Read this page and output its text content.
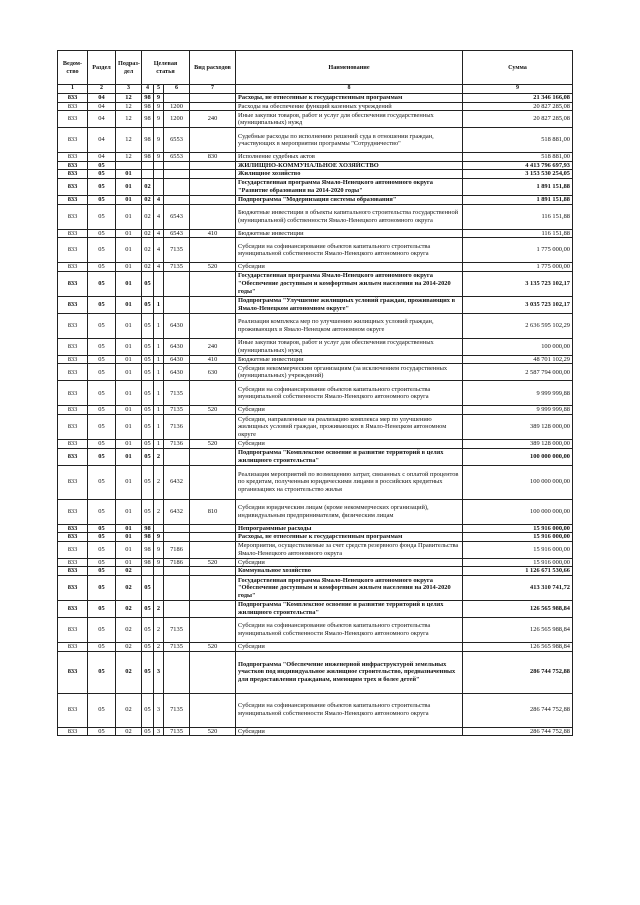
Ведом-ство	Раздел	Подраз-дел	Целевая статья			Вид расходов	Наименование	Сумма
1	2	3	4	5	6	7	8	9
833	04	12	98	9			Расходы, не отнесенные к государственным программам	21 346 166,08
833	04	12	98	9	1200		Расходы на обеспечение функций казенных учреждений	20 827 285,08
833	04	12	98	9	1200	240	Иные закупки товаров, работ и услуг для обеспечения государственных (муниципальных) нужд	20 827 285,08
833	04	12	98	9	6553		Судебные расходы по исполнению решений суда в отношении граждан, участвующих в мероприятии программы "Сотрудничество"	518 881,00
833	04	12	98	9	6553	830	Исполнение судебных актов	518 881,00
833	05						ЖИЛИЩНО-КОММУНАЛЬНОЕ ХОЗЯЙСТВО	4 413 796 697,93
833	05	01					Жилищное хозяйство	3 153 530 254,05
833	05	01	02				Государственная программа Ямало-Ненецкого автономного округа "Развитие образования на 2014-2020 годы"	1 891 151,88
833	05	01	02	4			Подпрограмма "Модернизация системы образования"	1 891 151,88
833	05	01	02	4	6543		Бюджетные инвестиции в объекты капитального строительства государственной (муниципальной) собственности Ямало-Ненецкого автономного округа	116 151,88
833	05	01	02	4	6543	410	Бюджетные инвестиции	116 151,88
833	05	01	02	4	7135		Субсидии на софинансирование объектов капитального строительства муниципальной собственности Ямало-Ненецкого автономного округа	1 775 000,00
833	05	01	02	4	7135	520	Субсидии	1 775 000,00
833	05	01	05				Государственная программа Ямало-Ненецкого автономного округа "Обеспечение доступным и комфортным жильем населения на 2014-2020 годы"	3 135 723 102,17
833	05	01	05	1			Подпрограмма "Улучшение жилищных условий граждан, проживающих в Ямало-Ненецком автономном округе"	3 035 723 102,17
833	05	01	05	1	6430		Реализация комплекса мер по улучшению жилищных условий граждан, проживающих в Ямало-Ненецком автономном округе	2 636 595 102,29
833	05	01	05	1	6430	240	Иные закупки товаров, работ и услуг для обеспечения государственных (муниципальных) нужд	100 000,00
833	05	01	05	1	6430	410	Бюджетные инвестиции	48 701 102,29
833	05	01	05	1	6430	630	Субсидии некоммерческим организациям (за исключением государственных (муниципальных) учреждений)	2 587 794 000,00
833	05	01	05	1	7135		Субсидии на софинансирование объектов капитального строительства муниципальной собственности Ямало-Ненецкого автономного округа	9 999 999,88
833	05	01	05	1	7135	520	Субсидии	9 999 999,88
833	05	01	05	1	7136		Субсидии, направленные на реализацию комплекса мер по улучшению жилищных условий граждан, проживающих в Ямало-Ненецком автономном округе	389 128 000,00
833	05	01	05	1	7136	520	Субсидии	389 128 000,00
833	05	01	05	2			Подпрограмма "Комплексное освоение и развитие территорий в целях жилищного строительства"	100 000 000,00
833	05	01	05	2	6432		Реализация мероприятий по возмещению затрат, связанных с оплатой процентов по кредитам, полученным юридическими лицами в российских кредитных организациях на строительство жилья	100 000 000,00
833	05	01	05	2	6432	810	Субсидии юридическим лицам (кроме некоммерческих организаций), индивидуальным предпринимателям, физическим лицам	100 000 000,00
833	05	01	98				Непрограммные расходы	15 916 000,00
833	05	01	98	9			Расходы, не отнесенные к государственным программам	15 916 000,00
833	05	01	98	9	7186		Мероприятия, осуществляемые за счет средств резервного фонда Правительства Ямало-Ненецкого автономного округа	15 916 000,00
833	05	01	98	9	7186	520	Субсидии	15 916 000,00
833	05	02					Коммунальное хозяйство	1 126 671 530,66
833	05	02	05				Государственная программа Ямало-Ненецкого автономного округа "Обеспечение доступным и комфортным жильем населения на 2014-2020 годы"	413 310 741,72
833	05	02	05	2			Подпрограмма "Комплексное освоение и развитие территорий в целях жилищного строительства"	126 565 988,84
833	05	02	05	2	7135		Субсидии на софинансирование объектов капитального строительства муниципальной собственности Ямало-Ненецкого автономного округа	126 565 988,84
833	05	02	05	2	7135	520	Субсидии	126 565 988,84
833	05	02	05	3			Подпрограмма "Обеспечение инженерной инфраструктурой земельных участков под индивидуальное жилищное строительство, предназначенных для предоставления гражданам, имеющим трех и более детей"	286 744 752,88
833	05	02	05	3	7135		Субсидии на софинансирование объектов капитального строительства муниципальной собственности Ямало-Ненецкого автономного округа	286 744 752,88
833	05	02	05	3	7135	520	Субсидии	286 744 752,88
